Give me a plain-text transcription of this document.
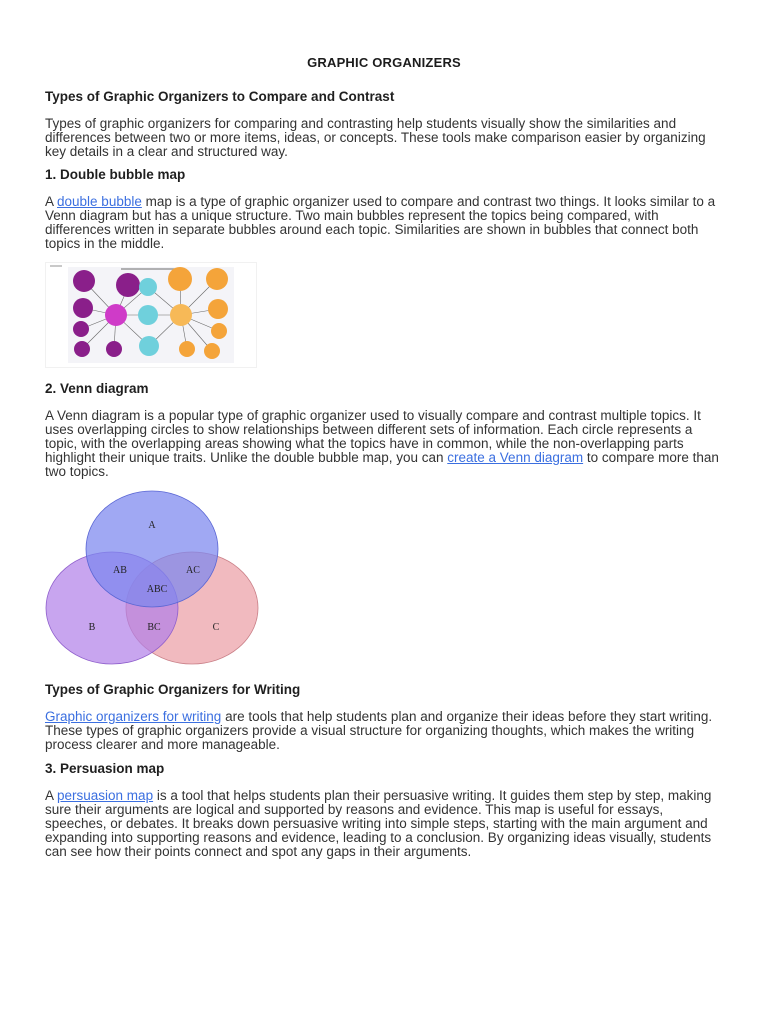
GRAPHIC ORGANIZERS
Types of Graphic Organizers to Compare and Contrast

Types of graphic organizers for comparing and contrasting help students visually show the similarities and differences between two or more items, ideas, or concepts. These tools make comparison easier by organizing key details in a clear and structured way.

1. Double bubble map

A double bubble map is a type of graphic organizer used to compare and contrast two things. It looks similar to a Venn diagram but has a unique structure. Two main bubbles represent the topics being compared, with differences written in separate bubbles around each topic. Similarities are shown in bubbles that connect both topics in the middle.

2. Venn diagram

A Venn diagram is a popular type of graphic organizer used to visually compare and contrast multiple topics. It uses overlapping circles to show relationships between different sets of information. Each circle represents a topic, with the overlapping areas showing what the topics have in common, while the non-overlapping parts highlight their unique traits. Unlike the double bubble map, you can create a Venn diagram to compare more than two topics.

A
AB	AC
ABC
B	BC	C
Types of Graphic Organizers for Writing

Graphic organizers for writing are tools that help students plan and organize their ideas before they start writing. These types of graphic organizers provide a visual structure for organizing thoughts, which makes the writing process clearer and more manageable.

3. Persuasion map

A persuasion map is a tool that helps students plan their persuasive writing. It guides them step by step, making sure their arguments are logical and supported by reasons and evidence. This map is useful for essays, speeches, or debates. It breaks down persuasive writing into simple steps, starting with the main argument and expanding into supporting reasons and evidence, leading to a conclusion. By organizing ideas visually, students can see how their points connect and spot any gaps in their arguments.
